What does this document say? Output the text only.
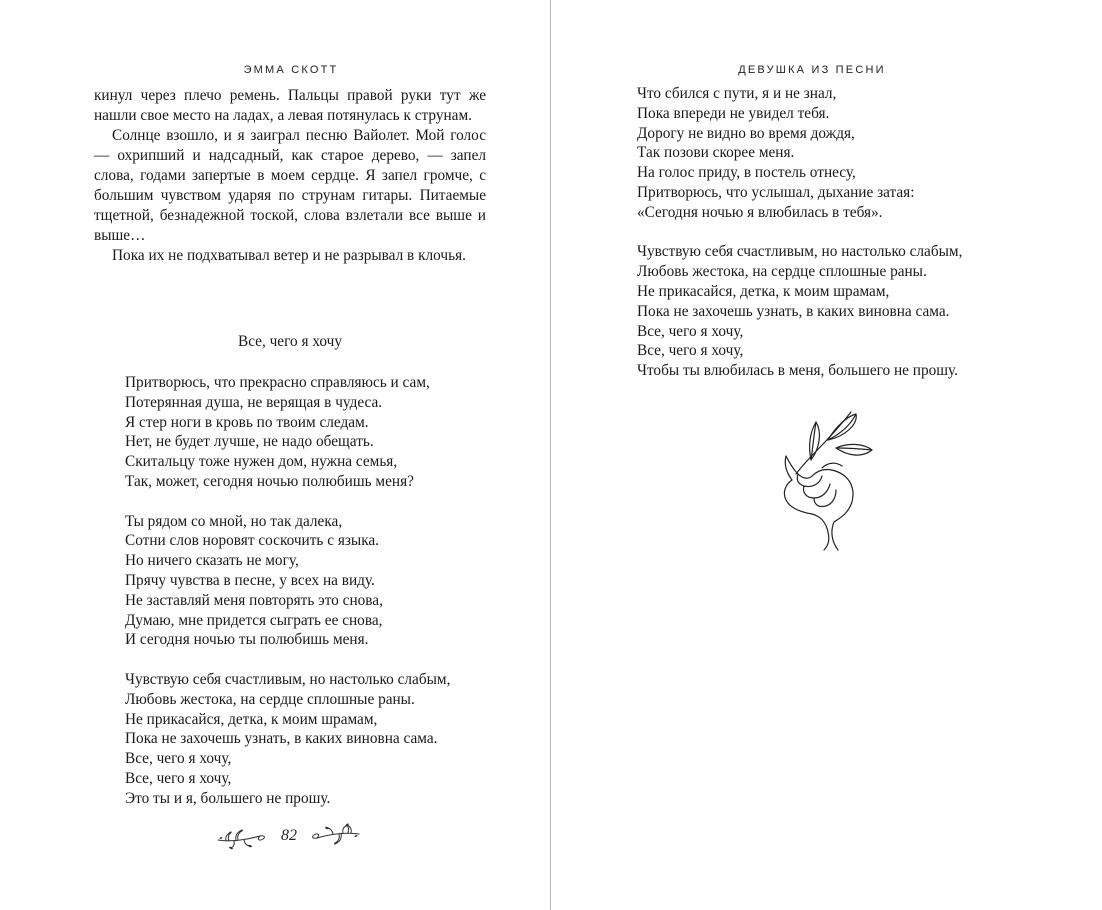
ЭММА СКОТТ

кинул через плечо ремень. Пальцы правой руки тут же нашли свое место на ладах, а левая потянулась к струнам.

Солнце взошло, и я заиграл песню Вайолет. Мой голос — охрипший и надсадный, как старое дерево, — запел слова, годами запертые в моем сердце. Я запел громче, с большим чувством ударяя по струнам гитары. Питаемые тщетной, безнадежной тоской, слова взлетали все выше и выше…

Пока их не подхватывал ветер и не разрывал в клочья.

Все, чего я хочу
Притворюсь, что прекрасно справляюсь и сам,
Потерянная душа, не верящая в чудеса.
Я стер ноги в кровь по твоим следам.
Нет, не будет лучше, не надо обещать.
Скитальцу тоже нужен дом, нужна семья,
Так, может, сегодня ночью полюбишь меня?
Ты рядом со мной, но так далека,
Сотни слов норовят соскочить с языка.
Но ничего сказать не могу,
Прячу чувства в песне, у всех на виду.
Не заставляй меня повторять это снова,
Думаю, мне придется сыграть ее снова,
И сегодня ночью ты полюбишь меня.
Чувствую себя счастливым, но настолько слабым,
Любовь жестока, на сердце сплошные раны.
Не прикасайся, детка, к моим шрамам,
Пока не захочешь узнать, в каких виновна сама.
Все, чего я хочу,
Все, чего я хочу,
Это ты и я, большего не прошу.
82
ДЕВУШКА ИЗ ПЕСНИ
Что сбился с пути, я и не знал,
Пока впереди не увидел тебя.
Дорогу не видно во время дождя,
Так позови скорее меня.
На голос приду, в постель отнесу,
Притворюсь, что услышал, дыхание затая:
«Сегодня ночью я влюбилась в тебя».
Чувствую себя счастливым, но настолько слабым,
Любовь жестока, на сердце сплошные раны.
Не прикасайся, детка, к моим шрамам,
Пока не захочешь узнать, в каких виновна сама.
Все, чего я хочу,
Все, чего я хочу,
Чтобы ты влюбилась в меня, большего не прошу.
